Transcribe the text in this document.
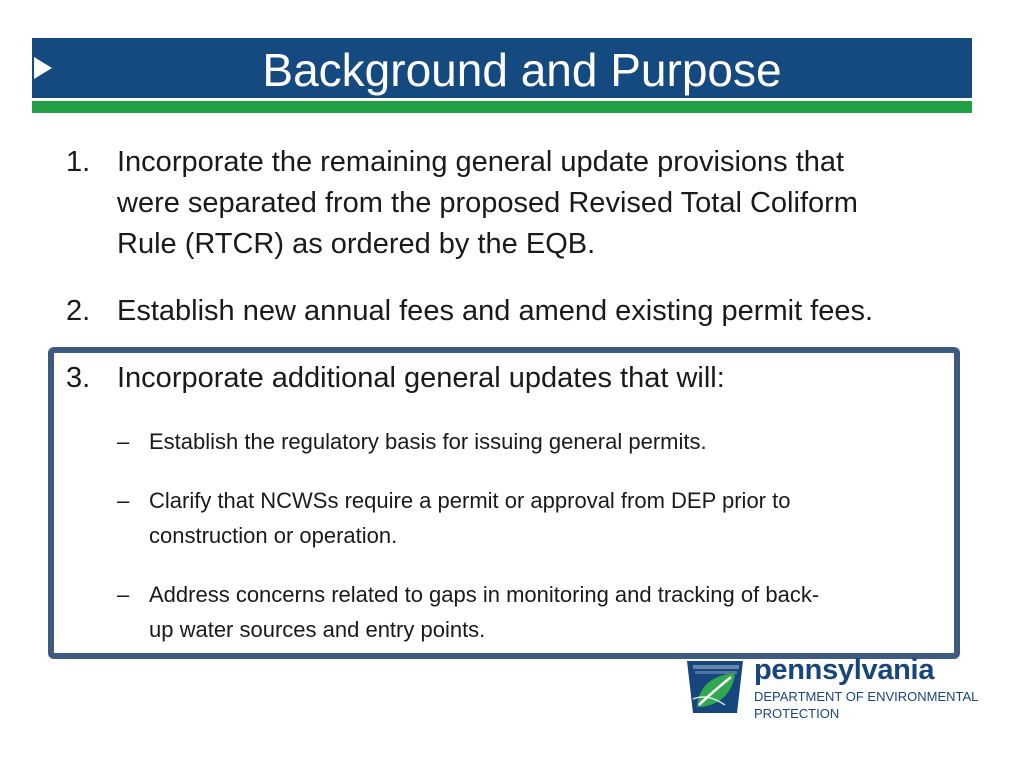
Background and Purpose
1. Incorporate the remaining general update provisions that
were separated from the proposed Revised Total Coliform
Rule (RTCR) as ordered by the EQB.
2. Establish new annual fees and amend existing permit fees.
3. Incorporate additional general updates that will:
– Establish the regulatory basis for issuing general permits.
– Clarify that NCWSs require a permit or approval from DEP prior to
construction or operation.
– Address concerns related to gaps in monitoring and tracking of back-
up water sources and entry points.
pennsylvania
DEPARTMENT OF ENVIRONMENTAL
PROTECTION
